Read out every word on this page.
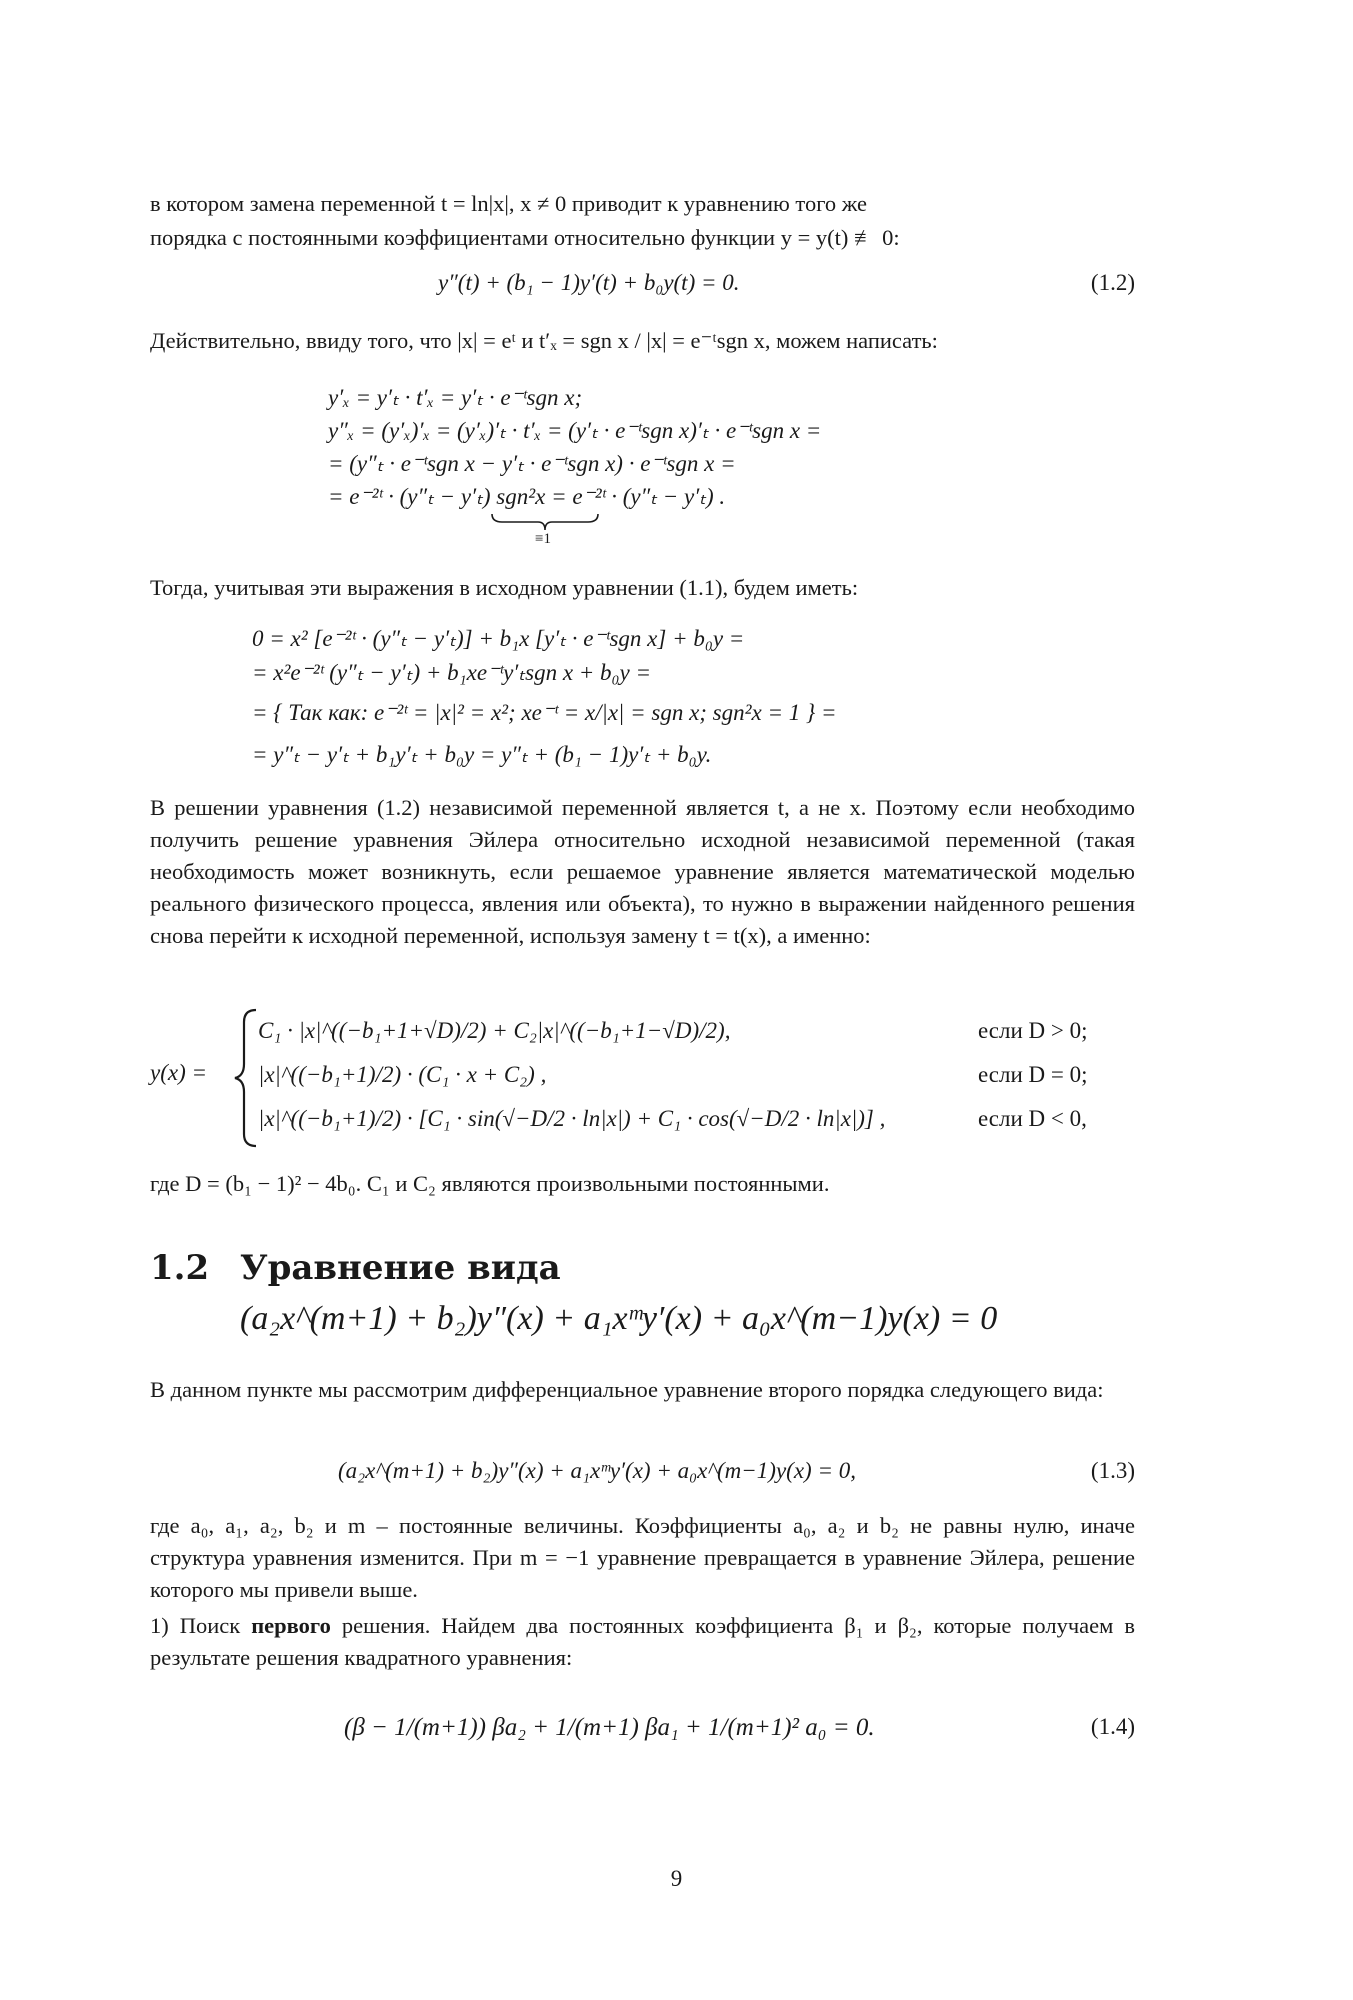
в котором замена переменной t = ln|x|, x ≠ 0 приводит к уравнению того же
порядка с постоянными коэффициентами относительно функции y = y(t) ≢ 0:
y″(t) + (b₁ − 1)y′(t) + b₀y(t) = 0.	(1.2)
Действительно, ввиду того, что |x| = eᵗ и t′ₓ = sgn x / |x| = e⁻ᵗsgn x, можем написать:
y′ₓ = y′ₜ · t′ₓ = y′ₜ · e⁻ᵗsgn x;
y″ₓ = (y′ₓ)′ₓ = (y′ₓ)′ₜ · t′ₓ = (y′ₜ · e⁻ᵗsgn x)′ₜ · e⁻ᵗsgn x =
= (y″ₜ · e⁻ᵗsgn x − y′ₜ · e⁻ᵗsgn x) · e⁻ᵗsgn x =
= e⁻²ᵗ · (y″ₜ − y′ₜ) sgn²x = e⁻²ᵗ · (y″ₜ − y′ₜ) .
≡1
Тогда, учитывая эти выражения в исходном уравнении (1.1), будем иметь:
0 = x² [e⁻²ᵗ · (y″ₜ − y′ₜ)] + b₁x [y′ₜ · e⁻ᵗsgn x] + b₀y =
= x²e⁻²ᵗ (y″ₜ − y′ₜ) + b₁xe⁻ᵗy′ₜsgn x + b₀y =
= { Так как: e⁻²ᵗ = |x|² = x²; xe⁻ᵗ = x/|x| = sgn x; sgn²x = 1 } =
= y″ₜ − y′ₜ + b₁y′ₜ + b₀y = y″ₜ + (b₁ − 1)y′ₜ + b₀y.
В решении уравнения (1.2) независимой переменной является t, а не x. Поэтому если необходимо получить решение уравнения Эйлера относительно исходной независимой переменной (такая необходимость может возникнуть, если решаемое уравнение является математической моделью реального физического процесса, явления или объекта), то нужно в выражении найденного решения снова перейти к исходной переменной, используя замену t = t(x), а именно:
y(x) =
C₁ · |x|^((−b₁+1+√D)/2) + C₂|x|^((−b₁+1−√D)/2),	если D > 0;
|x|^((−b₁+1)/2) · (C₁ · x + C₂) ,	если D = 0;
|x|^((−b₁+1)/2) · [C₁ · sin(√−D/2 · ln|x|) + C₁ · cos(√−D/2 · ln|x|)] ,	если D < 0,
где D = (b₁ − 1)² − 4b₀. C₁ и C₂ являются произвольными постоянными.
1.2 Уравнение вида
(a₂x^(m+1) + b₂)y″(x) + a₁xᵐy′(x) + a₀x^(m−1)y(x) = 0
В данном пункте мы рассмотрим дифференциальное уравнение второго порядка следующего вида:
(a₂x^(m+1) + b₂)y″(x) + a₁xᵐy′(x) + a₀x^(m−1)y(x) = 0,	(1.3)
где a₀, a₁, a₂, b₂ и m – постоянные величины. Коэффициенты a₀, a₂ и b₂ не равны нулю, иначе структура уравнения изменится. При m = −1 уравнение превращается в уравнение Эйлера, решение которого мы привели выше.
1) Поиск первого решения. Найдем два постоянных коэффициента β₁ и β₂, которые получаем в результате решения квадратного уравнения:
(β − 1/(m+1)) βa₂ + 1/(m+1) βa₁ + 1/(m+1)² a₀ = 0.	(1.4)
9
